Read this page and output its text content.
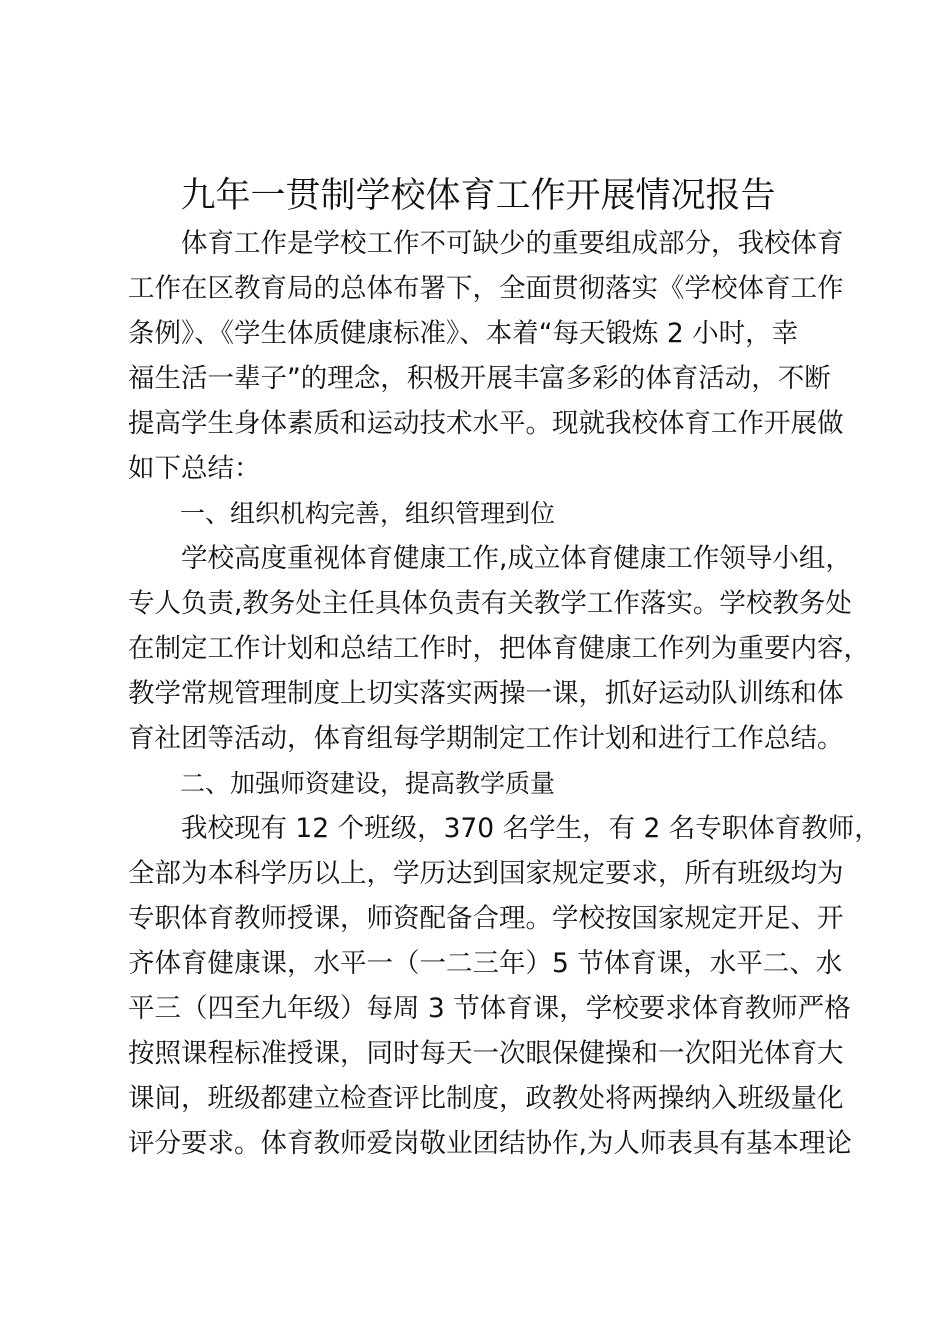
九年一贯制学校体育工作开展情况报告
　　体育工作是学校工作不可缺少的重要组成部分，我校体育
工作在区教育局的总体布署下，全面贯彻落实《学校体育工作
条例》、《学生体质健康标准》、本着“每天锻炼 2 小时，幸
福生活一辈子”的理念，积极开展丰富多彩的体育活动，不断
提高学生身体素质和运动技术水平。现就我校体育工作开展做
如下总结：
一、组织机构完善，组织管理到位
　　学校高度重视体育健康工作,成立体育健康工作领导小组，
专人负责,教务处主任具体负责有关教学工作落实。学校教务处
在制定工作计划和总结工作时，把体育健康工作列为重要内容，
教学常规管理制度上切实落实两操一课，抓好运动队训练和体
育社团等活动，体育组每学期制定工作计划和进行工作总结。
二、加强师资建设，提高教学质量
　　我校现有 12 个班级，370 名学生，有 2 名专职体育教师，
全部为本科学历以上，学历达到国家规定要求，所有班级均为
专职体育教师授课，师资配备合理。学校按国家规定开足、开
齐体育健康课，水平一（一二三年）5 节体育课，水平二、水
平三（四至九年级）每周 3 节体育课，学校要求体育教师严格
按照课程标准授课，同时每天一次眼保健操和一次阳光体育大
课间，班级都建立检查评比制度，政教处将两操纳入班级量化
评分要求。体育教师爱岗敬业团结协作,为人师表具有基本理论
